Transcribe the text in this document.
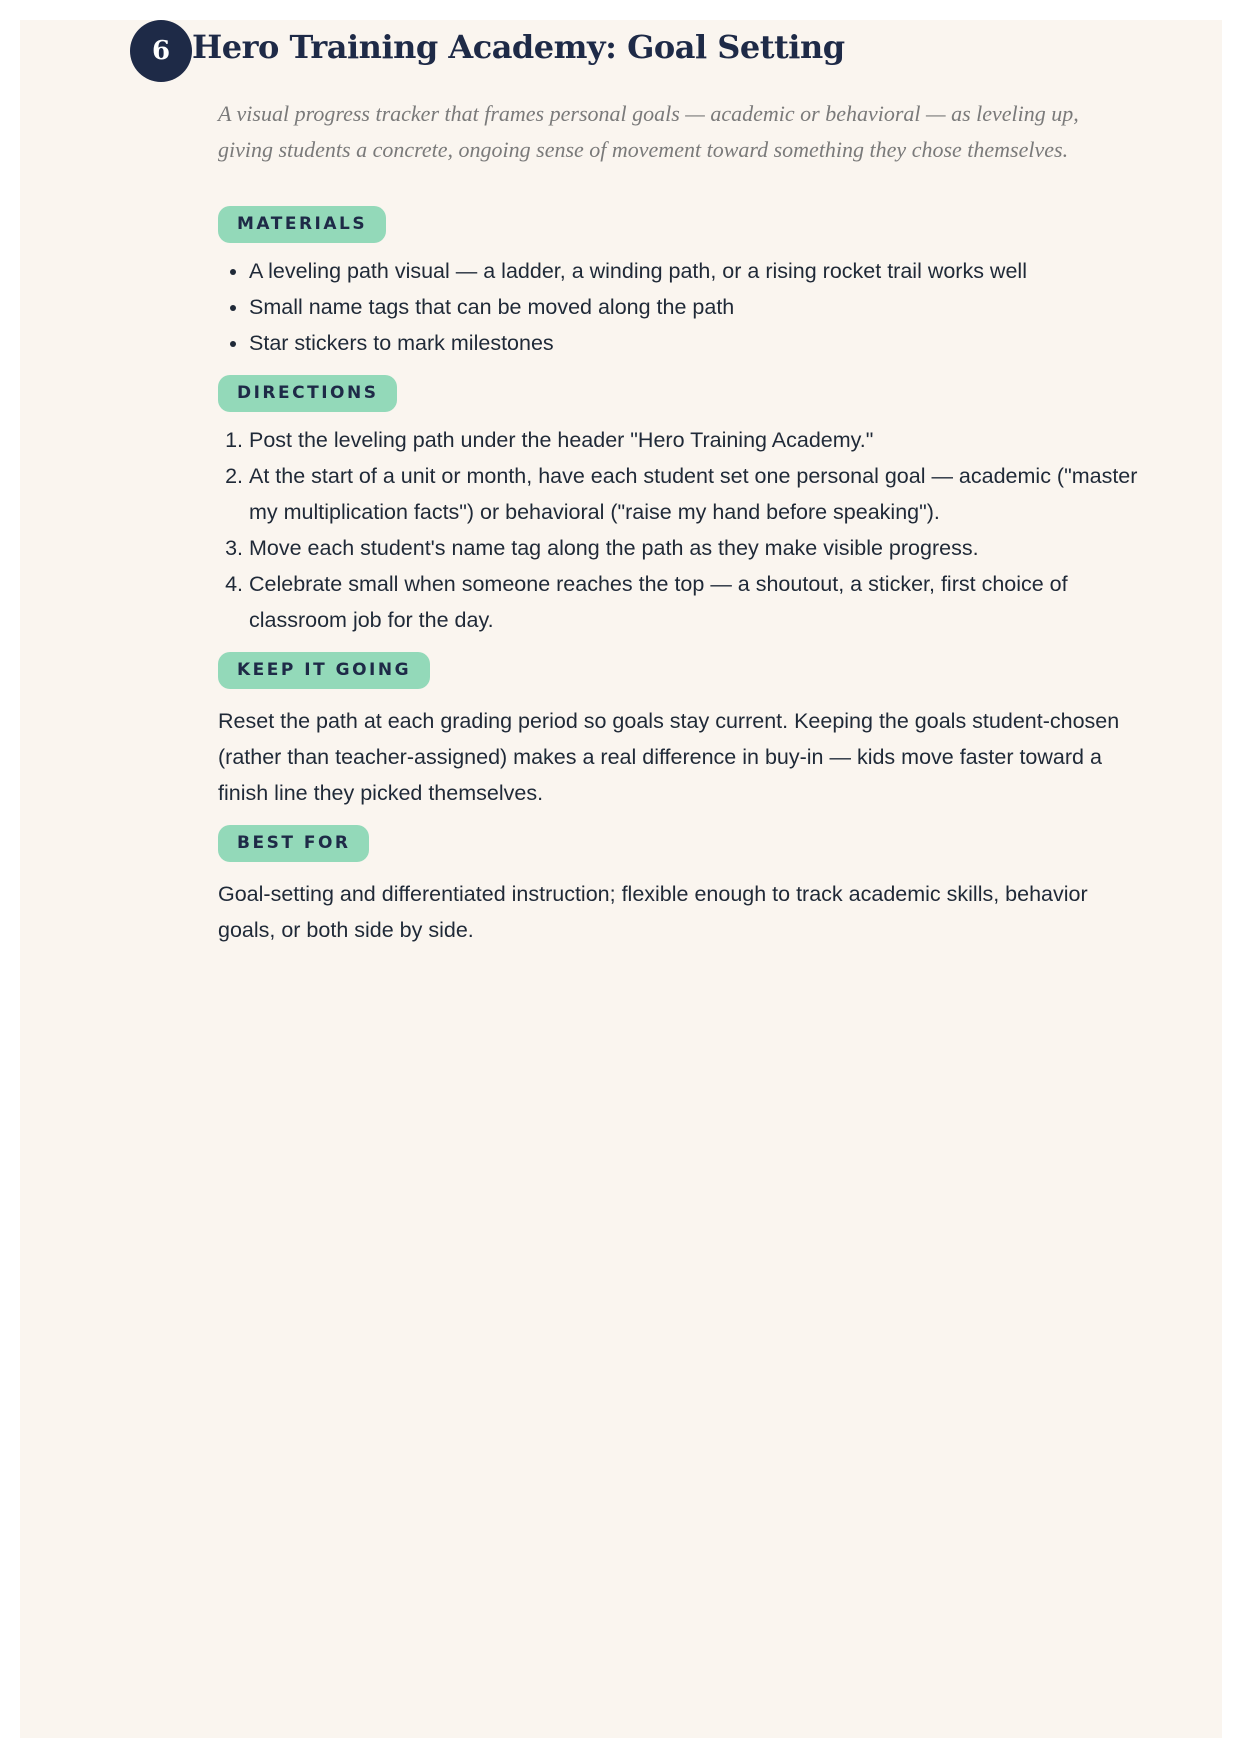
6 Hero Training Academy: Goal Setting

A visual progress tracker that frames personal goals — academic or behavioral — as leveling up, giving students a concrete, ongoing sense of movement toward something they chose themselves.

MATERIALS
• A leveling path visual — a ladder, a winding path, or a rising rocket trail works well
• Small name tags that can be moved along the path
• Star stickers to mark milestones
DIRECTIONS
1. Post the leveling path under the header "Hero Training Academy."
2. At the start of a unit or month, have each student set one personal goal — academic ("master my multiplication facts") or behavioral ("raise my hand before speaking").
3. Move each student's name tag along the path as they make visible progress.
4. Celebrate small when someone reaches the top — a shoutout, a sticker, first choice of classroom job for the day.
KEEP IT GOING

Reset the path at each grading period so goals stay current. Keeping the goals student-chosen (rather than teacher-assigned) makes a real difference in buy-in — kids move faster toward a finish line they picked themselves.

BEST FOR

Goal-setting and differentiated instruction; flexible enough to track academic skills, behavior goals, or both side by side.
